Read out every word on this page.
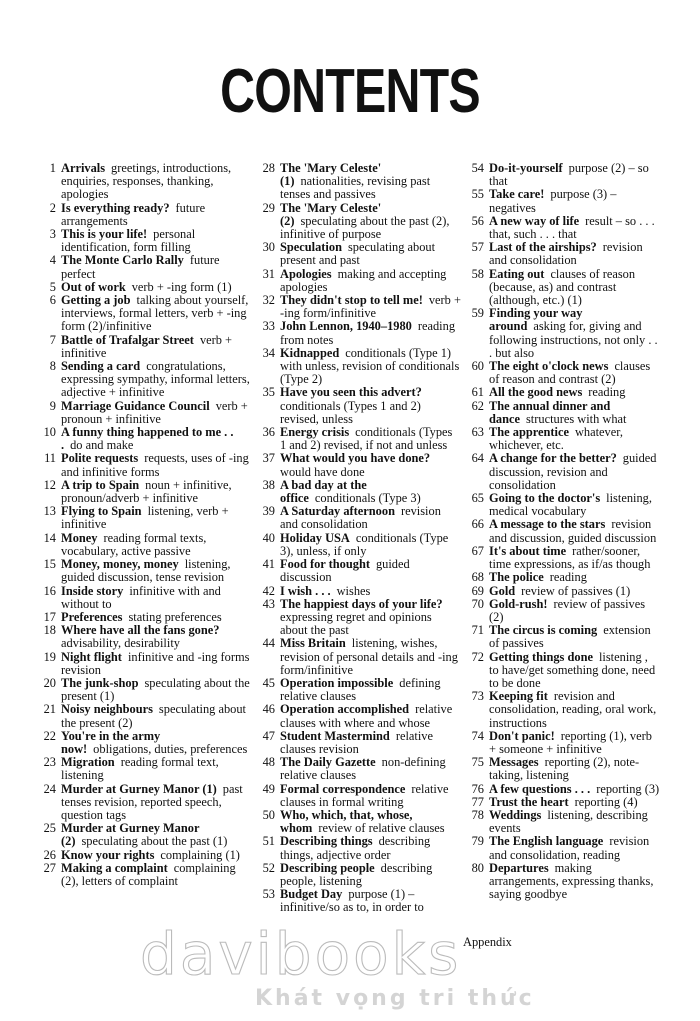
CONTENTS
1 Arrivals greetings, introductions, enquiries, responses, thanking, apologies
2 Is everything ready? future arrangements
3 This is your life! personal identification, form filling
4 The Monte Carlo Rally future perfect
5 Out of work verb + -ing form (1)
6 Getting a job talking about yourself, interviews, formal letters, verb + -ing form (2)/infinitive
7 Battle of Trafalgar Street verb + infinitive
8 Sending a card congratulations, expressing sympathy, informal letters, adjective + infinitive
9 Marriage Guidance Council verb + pronoun + infinitive
10 A funny thing happened to me . . . do and make
11 Polite requests requests, uses of -ing and infinitive forms
12 A trip to Spain noun + infinitive, pronoun/adverb + infinitive
13 Flying to Spain listening, verb + infinitive
14 Money reading formal texts, vocabulary, active passive
15 Money, money, money listening, guided discussion, tense revision
16 Inside story infinitive with and without to
17 Preferences stating preferences
18 Where have all the fans gone?advisability, desirability
19 Night flight infinitive and -ing forms revision
20 The junk-shop speculating about the present (1)
21 Noisy neighbours speculating about the present (2)
22 You're in the army now! obligations, duties, preferences
23 Migration reading formal text, listening
24 Murder at Gurney Manor (1) past tenses revision, reported speech, question tags
25 Murder at Gurney Manor (2) speculating about the past (1)
26 Know your rights complaining (1)
27 Making a complaint complaining (2), letters of complaint
28 The 'Mary Celeste' (1) nationalities, revising past tenses and passives
29 The 'Mary Celeste' (2) speculating about the past (2), infinitive of purpose
30 Speculation speculating about present and past
31 Apologies making and accepting apologies
32 They didn't stop to tell me! verb + -ing form/infinitive
33 John Lennon, 1940–1980 reading from notes
34 Kidnapped conditionals (Type 1) with unless, revision of conditionals (Type 2)
35 Have you seen this advert?conditionals (Types 1 and 2) revised, unless
36 Energy crisis conditionals (Types 1 and 2) revised, if not and unless
37 What would you have done?would have done
38 A bad day at the office conditionals (Type 3)
39 A Saturday afternoon revision and consolidation
40 Holiday USA conditionals (Type 3), unless, if only
41 Food for thought guided discussion
42 I wish . . . wishes
43 The happiest days of your life?expressing regret and opinions about the past
44 Miss Britain listening, wishes, revision of personal details and -ing form/infinitive
45 Operation impossible defining relative clauses
46 Operation accomplished relative clauses with where and whose
47 Student Mastermind relative clauses revision
48 The Daily Gazette non-defining relative clauses
49 Formal correspondence relative clauses in formal writing
50 Who, which, that, whose, whom review of relative clauses
51 Describing things describing things, adjective order
52 Describing people describing people, listening
53 Budget Day purpose (1) – infinitive/so as to, in order to
54 Do-it-yourself purpose (2) – so that
55 Take care! purpose (3) – negatives
56 A new way of life result – so . . . that, such . . . that
57 Last of the airships? revision and consolidation
58 Eating out clauses of reason (because, as) and contrast (although, etc.) (1)
59 Finding your way around asking for, giving and following instructions, not only . . . but also
60 The eight o'clock news clauses of reason and contrast (2)
61 All the good news reading
62 The annual dinner and dance structures with what
63 The apprentice whatever, whichever, etc.
64 A change for the better? guided discussion, revision and consolidation
65 Going to the doctor's listening, medical vocabulary
66 A message to the stars revision and discussion, guided discussion
67 It's about time rather/sooner, time expressions, as if/as though
68 The police reading
69 Gold review of passives (1)
70 Gold-rush! review of passives (2)
71 The circus is coming extension of passives
72 Getting things done listening , to have/get something done, need to be done
73 Keeping fit revision and consolidation, reading, oral work, instructions
74 Don't panic! reporting (1), verb + someone + infinitive
75 Messages reporting (2), note-taking, listening
76 A few questions . . . reporting (3)
77 Trust the heart reporting (4)
78 Weddings listening, describing events
79 The English language revision and consolidation, reading
80 Departures making arrangements, expressing thanks, saying goodbye
Appendix
davibooks
Khát vọng tri thức
